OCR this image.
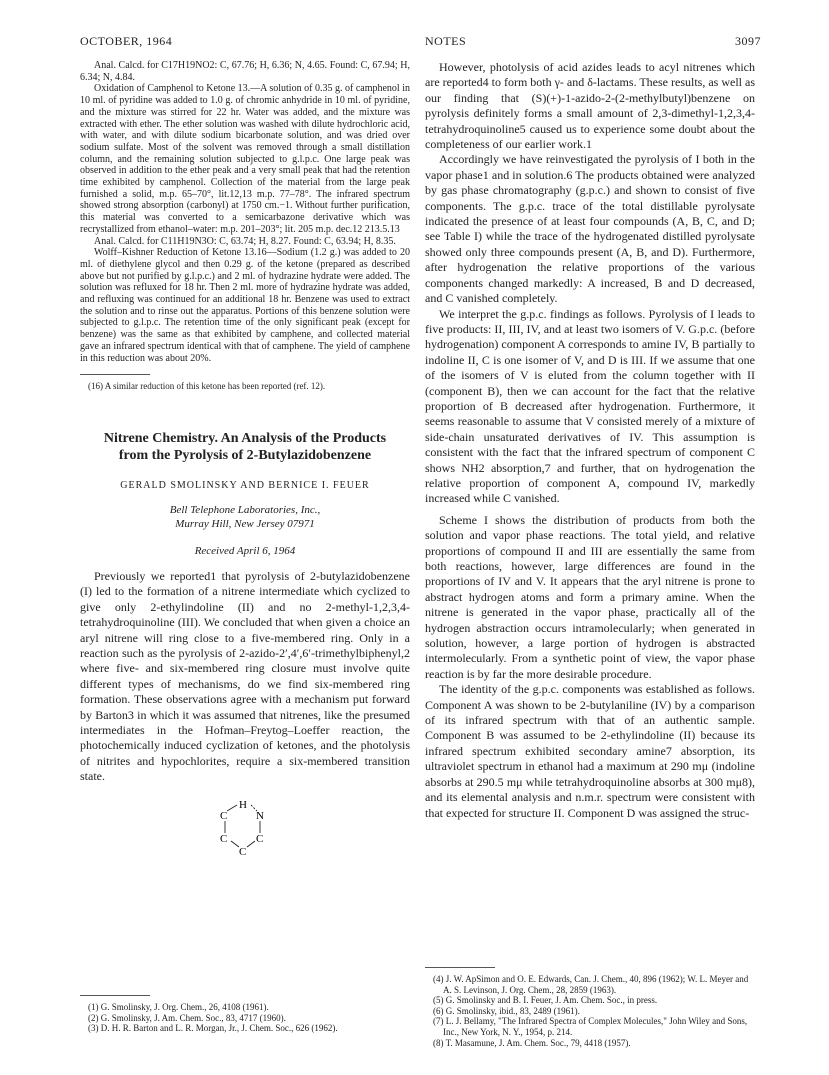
OCTOBER, 1964	NOTES	3097

Anal. Calcd. for C17H19NO2: C, 67.76; H, 6.36; N, 4.65. Found: C, 67.94; H, 6.34; N, 4.84.

Oxidation of Camphenol to Ketone 13.—A solution of 0.35 g. of camphenol in 10 ml. of pyridine was added to 1.0 g. of chromic anhydride in 10 ml. of pyridine, and the mixture was stirred for 22 hr. Water was added, and the mixture was extracted with ether. The ether solution was washed with dilute hydrochloric acid, with water, and with dilute sodium bicarbonate solution, and was dried over sodium sulfate. Most of the solvent was removed through a small distillation column, and the remaining solution subjected to g.l.p.c. One large peak was observed in addition to the ether peak and a very small peak that had the retention time exhibited by camphenol. Collection of the material from the large peak furnished a solid, m.p. 65–70°, lit.12,13 m.p. 77–78°. The infrared spectrum showed strong absorption (carbonyl) at 1750 cm.−1. Without further purification, this material was converted to a semicarbazone derivative which was recrystallized from ethanol–water: m.p. 201–203°; lit. 205 m.p. dec.12 213.5.13

Anal. Calcd. for C11H19N3O: C, 63.74; H, 8.27. Found: C, 63.94; H, 8.35.

Wolff–Kishner Reduction of Ketone 13.16—Sodium (1.2 g.) was added to 20 ml. of diethylene glycol and then 0.29 g. of the ketone (prepared as described above but not purified by g.l.p.c.) and 2 ml. of hydrazine hydrate were added. The solution was refluxed for 18 hr. Then 2 ml. more of hydrazine hydrate was added, and refluxing was continued for an additional 18 hr. Benzene was used to extract the solution and to rinse out the apparatus. Portions of this benzene solution were subjected to g.l.p.c. The retention time of the only significant peak (except for benzene) was the same as that exhibited by camphene, and collected material gave an infrared spectrum identical with that of camphene. The yield of camphene in this reduction was about 20%.

(16) A similar reduction of this ketone has been reported (ref. 12).

Nitrene Chemistry. An Analysis of the Products
from the Pyrolysis of 2-Butylazidobenzene
GERALD SMOLINSKY AND BERNICE I. FEUER
Bell Telephone Laboratories, Inc.,
Murray Hill, New Jersey 07971
Received April 6, 1964

Previously we reported1 that pyrolysis of 2-butylazidobenzene (I) led to the formation of a nitrene intermediate which cyclized to give only 2-ethylindoline (II) and no 2-methyl-1,2,3,4-tetrahydroquinoline (III). We concluded that when given a choice an aryl nitrene will ring close to a five-membered ring. Only in a reaction such as the pyrolysis of 2-azido-2′,4′,6′-trimethylbiphenyl,2 where five- and six-membered ring closure must involve quite different types of mechanisms, do we find six-membered ring formation. These observations agree with a mechanism put forward by Barton3 in which it was assumed that nitrenes, like the presumed intermediates in the Hofman–Freytog–Loeffer reaction, the photochemically induced cyclization of ketones, and the photolysis of nitrites and hypochlorites, require a six-membered transition state.

C
H
N
C
C
C

(1) G. Smolinsky, J. Org. Chem., 26, 4108 (1961).

(2) G. Smolinsky, J. Am. Chem. Soc., 83, 4717 (1960).

(3) D. H. R. Barton and L. R. Morgan, Jr., J. Chem. Soc., 626 (1962).

However, photolysis of acid azides leads to acyl nitrenes which are reported4 to form both γ- and δ-lactams. These results, as well as our finding that (S)(+)-1-azido-2-(2-methylbutyl)benzene on pyrolysis definitely forms a small amount of 2,3-dimethyl-1,2,3,4-tetrahydroquinoline5 caused us to experience some doubt about the completeness of our earlier work.1

Accordingly we have reinvestigated the pyrolysis of I both in the vapor phase1 and in solution.6 The products obtained were analyzed by gas phase chromatography (g.p.c.) and shown to consist of five components. The g.p.c. trace of the total distillable pyrolysate indicated the presence of at least four compounds (A, B, C, and D; see Table I) while the trace of the hydrogenated distilled pyrolysate showed only three compounds present (A, B, and D). Furthermore, after hydrogenation the relative proportions of the various components changed markedly: A increased, B and D decreased, and C vanished completely.

We interpret the g.p.c. findings as follows. Pyrolysis of I leads to five products: II, III, IV, and at least two isomers of V. G.p.c. (before hydrogenation) component A corresponds to amine IV, B partially to indoline II, C is one isomer of V, and D is III. If we assume that one of the isomers of V is eluted from the column together with II (component B), then we can account for the fact that the relative proportion of B decreased after hydrogenation. Furthermore, it seems reasonable to assume that V consisted merely of a mixture of side-chain unsaturated derivatives of IV. This assumption is consistent with the fact that the infrared spectrum of component C shows NH2 absorption,7 and further, that on hydrogenation the relative proportion of component A, compound IV, markedly increased while C vanished.

Scheme I shows the distribution of products from both the solution and vapor phase reactions. The total yield, and relative proportions of compound II and III are essentially the same from both reactions, however, large differences are found in the proportions of IV and V. It appears that the aryl nitrene is prone to abstract hydrogen atoms and form a primary amine. When the nitrene is generated in the vapor phase, practically all of the hydrogen abstraction occurs intramolecularly; when generated in solution, however, a large portion of hydrogen is abstracted intermolecularly. From a synthetic point of view, the vapor phase reaction is by far the more desirable procedure.

The identity of the g.p.c. components was established as follows. Component A was shown to be 2-butylaniline (IV) by a comparison of its infrared spectrum with that of an authentic sample. Component B was assumed to be 2-ethylindoline (II) because its infrared spectrum exhibited secondary amine7 absorption, its ultraviolet spectrum in ethanol had a maximum at 290 mμ (indoline absorbs at 290.5 mμ while tetrahydroquinoline absorbs at 300 mμ8), and its elemental analysis and n.m.r. spectrum were consistent with that expected for structure II. Component D was assigned the struc-

(4) J. W. ApSimon and O. E. Edwards, Can. J. Chem., 40, 896 (1962); W. L. Meyer and A. S. Levinson, J. Org. Chem., 28, 2859 (1963).

(5) G. Smolinsky and B. I. Feuer, J. Am. Chem. Soc., in press.

(6) G. Smolinsky, ibid., 83, 2489 (1961).

(7) L. J. Bellamy, "The Infrared Spectra of Complex Molecules," John Wiley and Sons, Inc., New York, N. Y., 1954, p. 214.

(8) T. Masamune, J. Am. Chem. Soc., 79, 4418 (1957).
